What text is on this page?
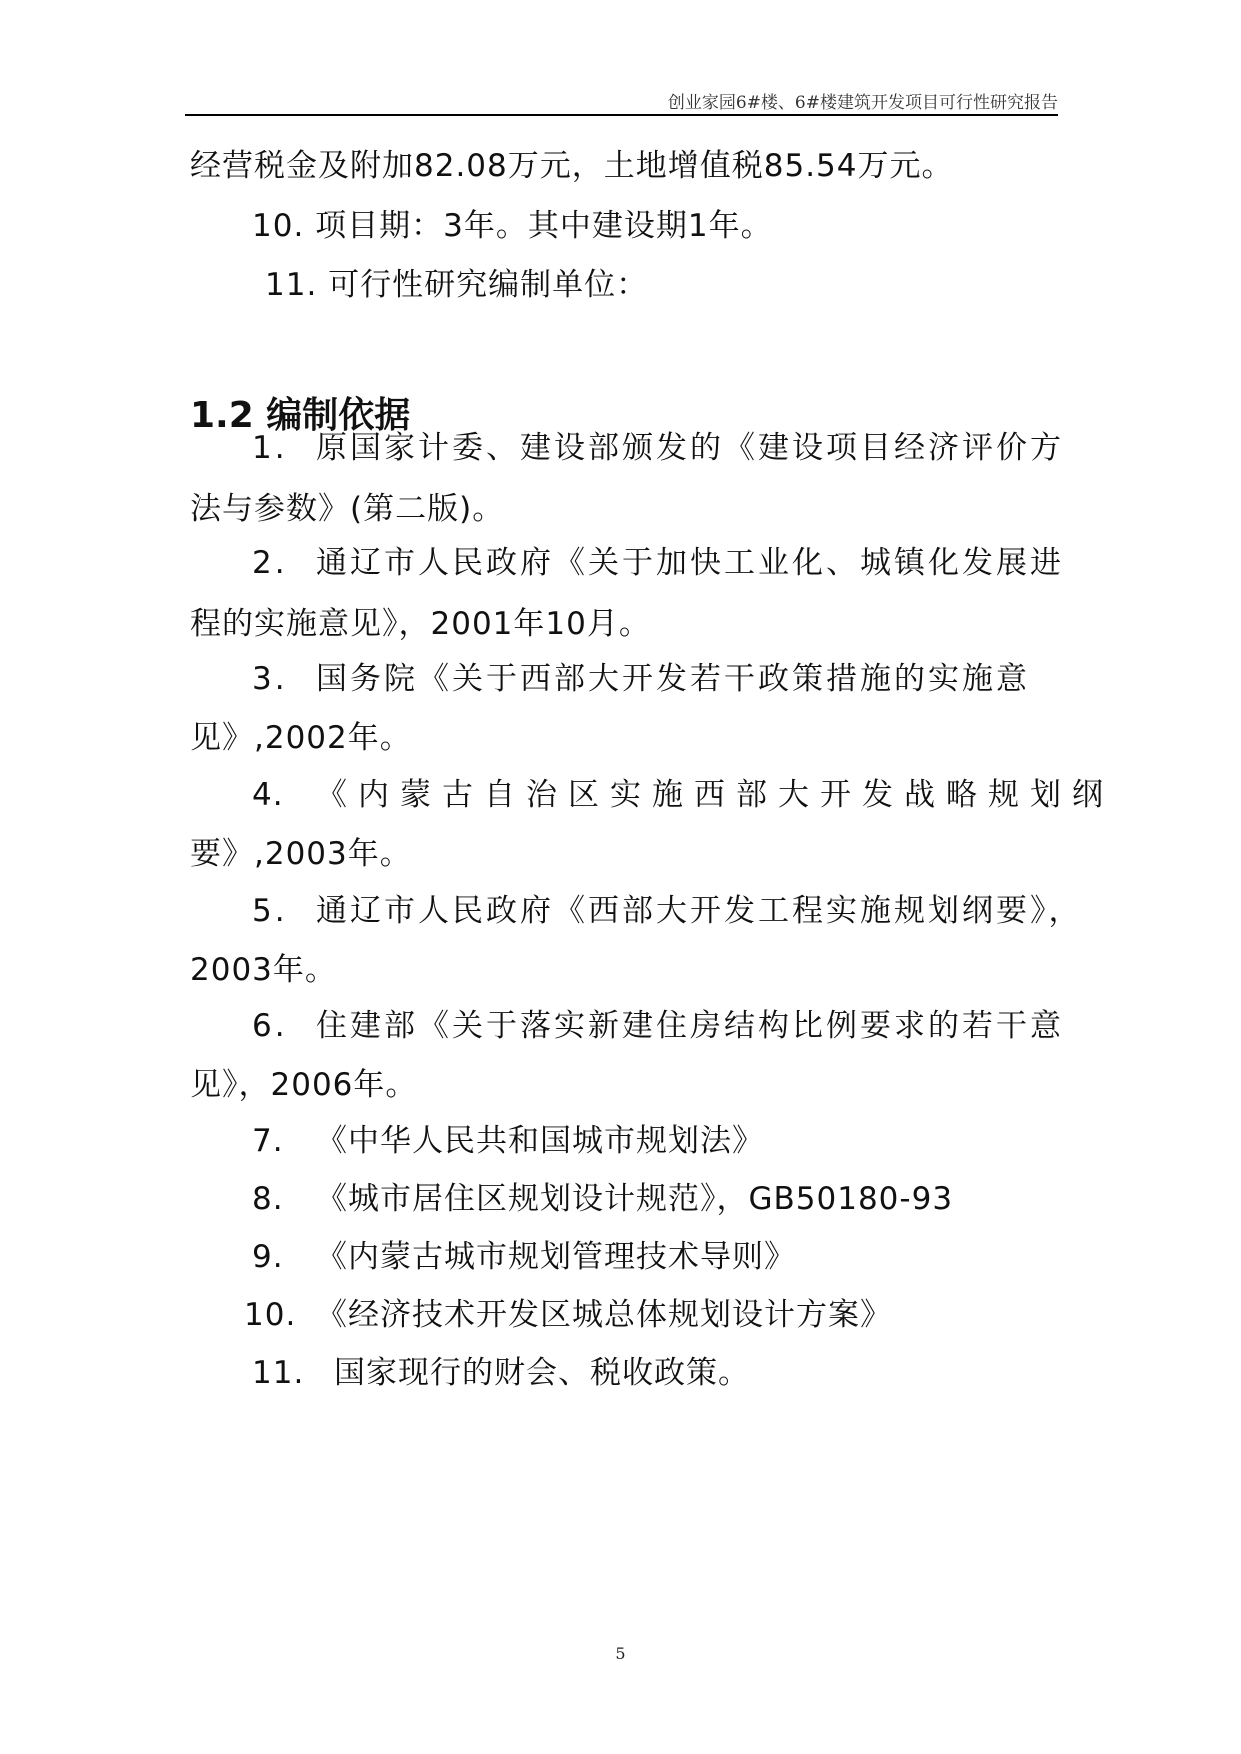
创业家园6#楼、6#楼建筑开发项目可行性研究报告
经营税金及附加82.08万元，土地增值税85.54万元。
10. 项目期：3年。其中建设期1年。
11. 可行性研究编制单位：
1.2 编制依据
1. 原国家计委、建设部颁发的《建设项目经济评价方
法与参数》(第二版)。
2. 通辽市人民政府《关于加快工业化、城镇化发展进
程的实施意见》，2001年10月。
3. 国务院《关于西部大开发若干政策措施的实施意
见》,2002年。
4. 《内蒙古自治区实施西部大开发战略规划纲
要》,2003年。
5. 通辽市人民政府《西部大开发工程实施规划纲要》，
2003年。
6. 住建部《关于落实新建住房结构比例要求的若干意
见》，2006年。
7. 《中华人民共和国城市规划法》
8. 《城市居住区规划设计规范》，GB50180-93
9. 《内蒙古城市规划管理技术导则》
10. 《经济技术开发区城总体规划设计方案》
11. 国家现行的财会、税收政策。
5
